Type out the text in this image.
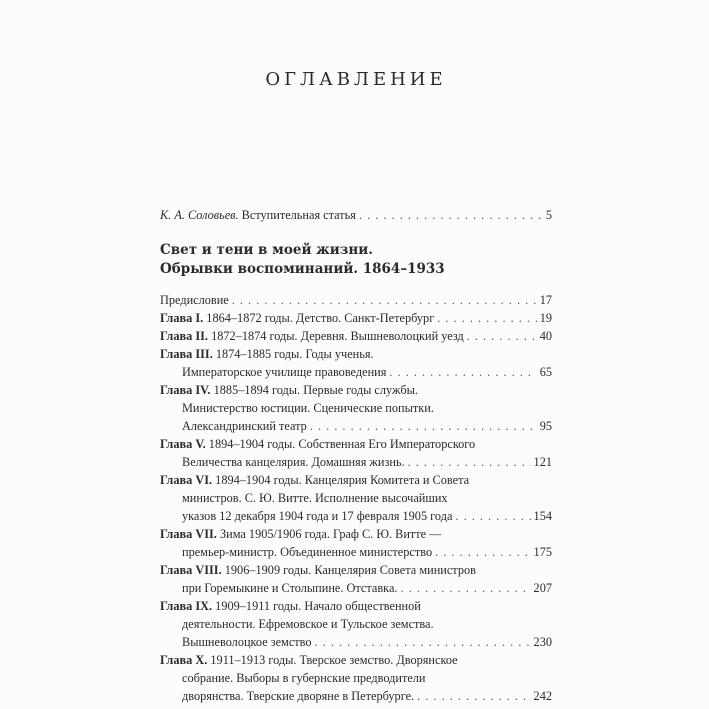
ОГЛАВЛЕНИЕ
К. А. Соловьев. Вступительная статья . . .	5
Свет и тени в моей жизни.
Обрывки воспоминаний. 1864–1933
Предисловие . . .	17
Глава I. 1864–1872 годы. Детство. Санкт-Петербург . . .	19
Глава II. 1872–1874 годы. Деревня. Вышневолоцкий уезд . . .	40
Глава III. 1874–1885 годы. Годы ученья.
Императорское училище правоведения . . .	65
Глава IV. 1885–1894 годы. Первые годы службы.
Министерство юстиции. Сценические попытки.
Александринский театр . . .	95
Глава V. 1894–1904 годы. Собственная Его Императорского
Величества канцелярия. Домашняя жизнь. . . .	121
Глава VI. 1894–1904 годы. Канцелярия Комитета и Совета
министров. С. Ю. Витте. Исполнение высочайших
указов 12 декабря 1904 года и 17 февраля 1905 года . . .	154
Глава VII. Зима 1905/1906 года. Граф С. Ю. Витте —
премьер-министр. Объединенное министерство . . .	175
Глава VIII. 1906–1909 годы. Канцелярия Совета министров
при Горемыкине и Столыпине. Отставка. . . .	207
Глава IX. 1909–1911 годы. Начало общественной
деятельности. Ефремовское и Тульское земства.
Вышневолоцкое земство . . .	230
Глава X. 1911–1913 годы. Тверское земство. Дворянское
собрание. Выборы в губернские предводители
дворянства. Тверские дворяне в Петербурге. . . .	242
